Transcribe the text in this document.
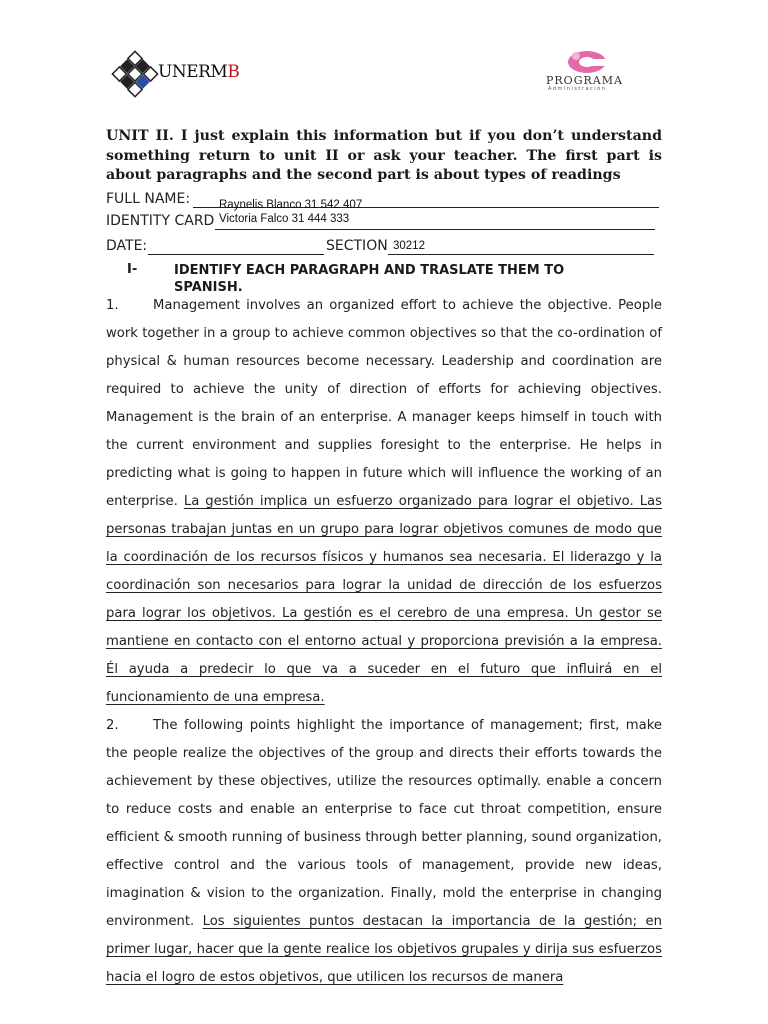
UNERMB	PROGRAMA
Administración
UNIT II. I just explain this information but if you don’t understand something return to unit II or ask your teacher. The first part is about paragraphs and the second part is about types of readings
FULL NAME:	Raynelis Blanco 31 542 407
IDENTITY CARD Victoria Falco 31 444 333
DATE:	SECTION 30212
I-	IDENTIFY EACH PARAGRAPH AND TRASLATE THEM TO SPANISH.

1.	Management involves an organized effort to achieve the objective. People work together in a group to achieve common objectives so that the co-ordination of physical & human resources become necessary. Leadership and coordination are required to achieve the unity of direction of efforts for achieving objectives. Management is the brain of an enterprise. A manager keeps himself in touch with the current environment and supplies foresight to the enterprise. He helps in predicting what is going to happen in future which will influence the working of an enterprise. La gestión implica un esfuerzo organizado para lograr el objetivo. Las personas trabajan juntas en un grupo para lograr objetivos comunes de modo que la coordinación de los recursos físicos y humanos sea necesaria. El liderazgo y la coordinación son necesarios para lograr la unidad de dirección de los esfuerzos para lograr los objetivos. La gestión es el cerebro de una empresa. Un gestor se mantiene en contacto con el entorno actual y proporciona previsión a la empresa. Él ayuda a predecir lo que va a suceder en el futuro que influirá en el funcionamiento de una empresa.

2.	The following points highlight the importance of management; first, make the people realize the objectives of the group and directs their efforts towards the achievement by these objectives, utilize the resources optimally. enable a concern to reduce costs and enable an enterprise to face cut throat competition, ensure efficient & smooth running of business through better planning, sound organization, effective control and the various tools of management, provide new ideas, imagination & vision to the organization. Finally, mold the enterprise in changing environment. Los siguientes puntos destacan la importancia de la gestión; en primer lugar, hacer que la gente realice los objetivos grupales y dirija sus esfuerzos hacia el logro de estos objetivos, que utilicen los recursos de manera
